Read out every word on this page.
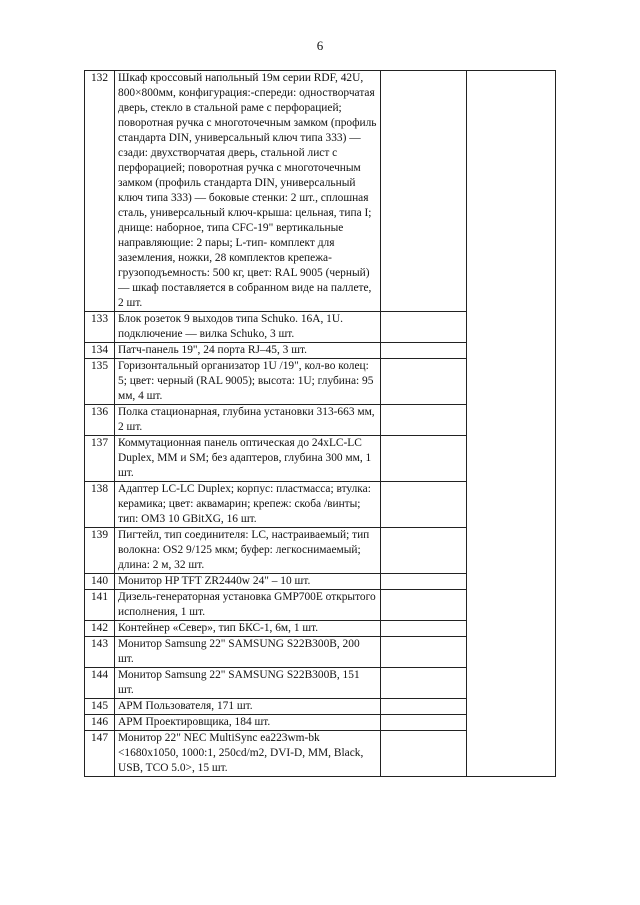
6
132	Шкаф кроссовый напольный 19м серии RDF, 42U, 800×800мм, конфигурация:-спереди: одностворчатая дверь, стекло в стальной раме с перфорацией; поворотная ручка с многоточечным замком (профиль стандарта DIN, универсальный ключ типа 333) — сзади: двухстворчатая дверь, стальной лист с перфорацией; поворотная ручка с многоточечным замком (профиль стандарта DIN, универсальный ключ типа 333) — боковые стенки: 2 шт., сплошная сталь, универсальный ключ-крыша: цельная, типа I; днище: наборное, типа CFC-19" вертикальные направляющие: 2 пары; L-тип- комплект для заземления, ножки, 28 комплектов крепежа-грузоподъемность: 500 кг, цвет: RAL 9005 (черный) — шкаф поставляется в собранном виде на паллете, 2 шт.		

133	Блок розеток 9 выходов типа Schuko. 16А, 1U. подключение — вилка Schuko, 3 шт.		
134	Патч-панель 19", 24 порта RJ–45, 3 шт.		
135	Горизонтальный организатор 1U /19", кол-во колец: 5; цвет: черный (RAL 9005); высота: 1U; глубина: 95 мм, 4 шт.		
136	Полка стационарная, глубина установки 313-663 мм, 2 шт.		
137	Коммутационная панель оптическая до 24xLC-LC Duplex, MM и SM; без адаптеров, глубина 300 мм, 1 шт.		
138	Адаптер LC-LC Duplex; корпус: пластмасса; втулка: керамика; цвет: аквамарин; крепеж: скоба /винты; тип: ОМ3 10 GBitXG, 16 шт.		
139	Пигтейл, тип соединителя: LC, настраиваемый; тип волокна: OS2 9/125 мкм; буфер: легкоснимаемый; длина: 2 м, 32 шт.		
140	Монитор HP TFT ZR2440w 24" – 10 шт.		
141	Дизель-генераторная установка GMP700E открытого исполнения, 1 шт.		
142	Контейнер «Север», тип БКС-1, 6м, 1 шт.		
143	Монитор Samsung 22" SAMSUNG S22B300B, 200 шт.		
144	Монитор Samsung 22" SAMSUNG S22B300B, 151 шт.		
145	АРМ Пользователя, 171 шт.		
146	АРМ Проектировщика, 184 шт.		
147	Монитор 22" NEC MultiSync ea223wm-bk <1680x1050, 1000:1, 250cd/m2, DVI-D, MM, Black, USB, TCO 5.0>, 15 шт.		
